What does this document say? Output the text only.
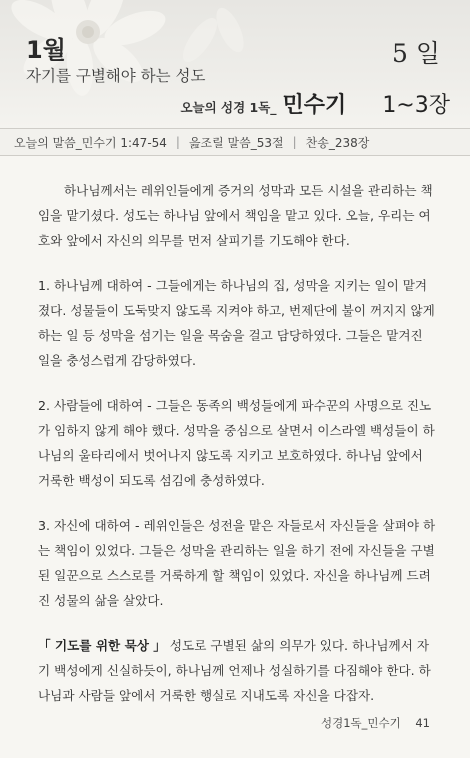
1월
자기를 구별해야 하는 성도
5 일
오늘의 성경 1독_ 민수기 1~3장
오늘의 말씀_민수기 1:47-54 | 읊조릴 말씀_53절 | 찬송_238장

하나님께서는 레위인들에게 증거의 성막과 모든 시설을 관리하는 책임을 맡기셨다. 성도는 하나님 앞에서 책임을 맡고 있다. 오늘, 우리는 여호와 앞에서 자신의 의무를 먼저 살피기를 기도해야 한다.

1. 하나님께 대하여 - 그들에게는 하나님의 집, 성막을 지키는 일이 맡겨졌다. 성물들이 도둑맞지 않도록 지켜야 하고, 번제단에 불이 꺼지지 않게 하는 일 등 성막을 섬기는 일을 목숨을 걸고 담당하였다. 그들은 맡겨진 일을 충성스럽게 감당하였다.

2. 사람들에 대하여 - 그들은 동족의 백성들에게 파수꾼의 사명으로 진노가 임하지 않게 해야 했다. 성막을 중심으로 살면서 이스라엘 백성들이 하나님의 울타리에서 벗어나지 않도록 지키고 보호하였다. 하나님 앞에서 거룩한 백성이 되도록 섬김에 충성하였다.

3. 자신에 대하여 - 레위인들은 성전을 맡은 자들로서 자신들을 살펴야 하는 책임이 있었다. 그들은 성막을 관리하는 일을 하기 전에 자신들을 구별된 일꾼으로 스스로를 거룩하게 할 책임이 있었다. 자신을 하나님께 드려진 성물의 삶을 살았다.

「 기도를 위한 묵상 」 성도로 구별된 삶의 의무가 있다. 하나님께서 자기 백성에게 신실하듯이, 하나님께 언제나 성실하기를 다짐해야 한다. 하나님과 사람들 앞에서 거룩한 행실로 지내도록 자신을 다잡자.

성경1독_민수기 41
